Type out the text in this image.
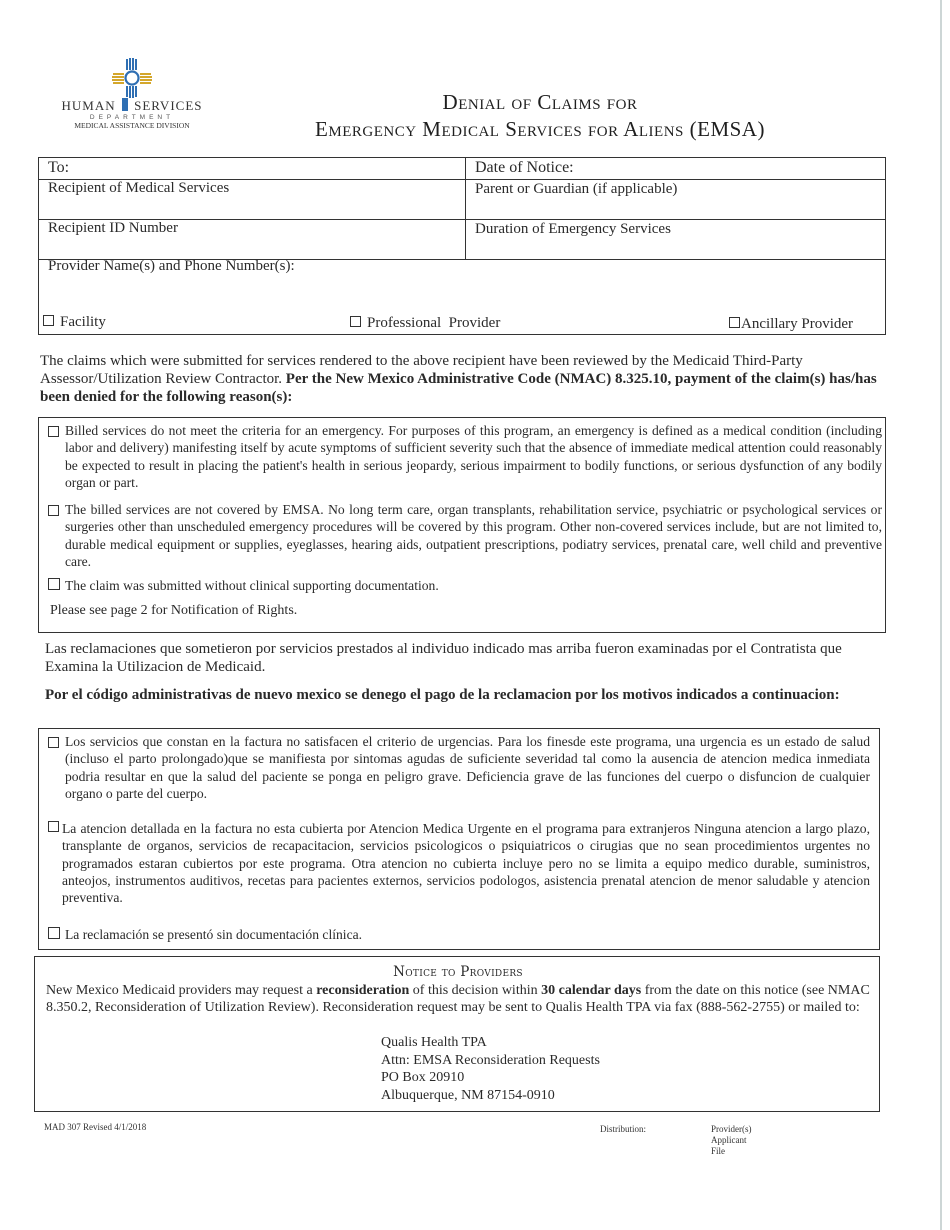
HUMAN SERVICES
DEPARTMENT
MEDICAL ASSISTANCE DIVISION
Denial of Claims for
Emergency Medical Services for Aliens (EMSA)
To:	Date of Notice:
Recipient of Medical Services	Parent or Guardian (if applicable)
Recipient ID Number	Duration of Emergency Services
Provider Name(s) and Phone Number(s):
Facility	Professional  Provider	Ancillary Provider
The claims which were submitted for services rendered to the above recipient have been reviewed by the Medicaid Third-Party Assessor/Utilization Review Contractor. Per the New Mexico Administrative Code (NMAC) 8.325.10, payment of the claim(s) has/has been denied for the following reason(s):
Billed services do not meet the criteria for an emergency. For purposes of this program, an emergency is defined as a medical condition (including labor and delivery) manifesting itself by acute symptoms of sufficient severity such that the absence of immediate medical attention could reasonably be expected to result in placing the patient's health in serious jeopardy, serious impairment to bodily functions, or serious dysfunction of any bodily organ or part.
The billed services are not covered by EMSA. No long term care, organ transplants, rehabilitation service, psychiatric or psychological services or surgeries other than unscheduled emergency procedures will be covered by this program. Other non-covered services include, but are not limited to, durable medical equipment or supplies, eyeglasses, hearing aids, outpatient prescriptions, podiatry services, prenatal care, well child and preventive care.
The claim was submitted without clinical supporting documentation.
Please see page 2 for Notification of Rights.
Las reclamaciones que sometieron por servicios prestados al individuo indicado mas arriba fueron examinadas por el Contratista que Examina la Utilizacion de Medicaid.
Por el código administrativas de nuevo mexico se denego el pago de la reclamacion por los motivos indicados a continuacion:
Los servicios que constan en la factura no satisfacen el criterio de urgencias. Para los finesde este programa, una urgencia es un estado de salud (incluso el parto prolongado)que se manifiesta por sintomas agudas de suficiente severidad tal como la ausencia de atencion medica inmediata podria resultar en que la salud del paciente se ponga en peligro grave. Deficiencia grave de las funciones del cuerpo o disfuncion de cualquier organo o parte del cuerpo.
La atencion detallada en la factura no esta cubierta por Atencion Medica Urgente en el programa para extranjeros Ninguna atencion a largo plazo, transplante de organos, servicios de recapacitacion, servicios psicologicos o psiquiatricos o cirugias que no sean procedimientos urgentes no programados estaran cubiertos por este programa. Otra atencion no cubierta incluye pero no se limita a equipo medico durable, suministros, anteojos, instrumentos auditivos, recetas para pacientes externos, servicios podologos, asistencia prenatal atencion de menor saludable y atencion preventiva.
La reclamación se presentó sin documentación clínica.
Notice to Providers
New Mexico Medicaid providers may request a reconsideration of this decision within 30 calendar days from the date on this notice (see NMAC 8.350.2, Reconsideration of Utilization Review). Reconsideration request may be sent to Qualis Health TPA via fax (888-562-2755) or mailed to:
Qualis Health TPA
Attn: EMSA Reconsideration Requests
PO Box 20910
Albuquerque, NM 87154-0910
MAD 307 Revised 4/1/2018	Distribution:	Provider(s)
Applicant
File
